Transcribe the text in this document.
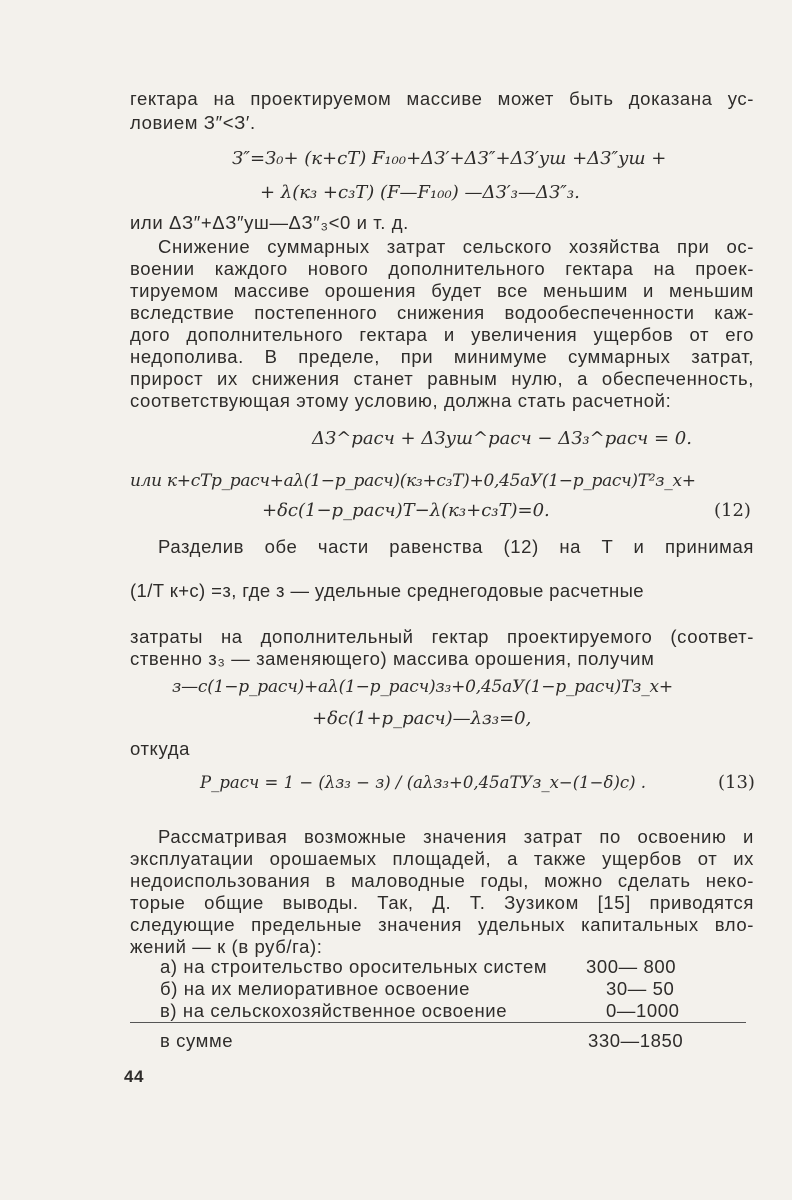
гектара на проектируемом массиве может быть доказана ус-
ловием З″<З′.
З″=З₀+ (к+cT) F₁₀₀+ΔЗ′+ΔЗ″+ΔЗ′уш +ΔЗ″уш +
+ λ(к₃ +c₃T) (F—F₁₀₀) —ΔЗ′₃—ΔЗ″₃.
или ΔЗ″+ΔЗ″уш—ΔЗ″₃<0 и т. д.
Снижение суммарных затрат сельского хозяйства при ос-
воении каждого нового дополнительного гектара на проек-
тируемом массиве орошения будет все меньшим и меньшим
вследствие постепенного снижения водообеспеченности каж-
дого дополнительного гектара и увеличения ущербов от его
недополива. В пределе, при минимуме суммарных затрат,
прирост их снижения станет равным нулю, а обеспеченность,
соответствующая этому условию, должна стать расчетной:
ΔЗ^расч + ΔЗуш^расч − ΔЗ₃^расч = 0.
или к+cTp_расч+aλ(1−p_расч)(к₃+c₃T)+0,45aУ(1−p_расч)T²з_x+
+δc(1−p_расч)T−λ(к₃+c₃T)=0.	(12)
Разделив обе части равенства (12) на T и принимая
(1/T к+c) =з, где з — удельные среднегодовые расчетные
затраты на дополнительный гектар проектируемого (соответ-
ственно з₃ — заменяющего) массива орошения, получим
з—c(1−p_расч)+aλ(1−p_расч)з₃+0,45aУ(1−p_расч)Tз_x+
+δc(1+p_расч)—λз₃=0,
откуда
P_расч = 1 − (λз₃ − з) / (aλз₃+0,45aTУз_x−(1−δ)c) .	(13)
Рассматривая возможные значения затрат по освоению и
эксплуатации орошаемых площадей, а также ущербов от их
недоиспользования в маловодные годы, можно сделать неко-
торые общие выводы. Так, Д. Т. Зузиком [15] приводятся
следующие предельные значения удельных капитальных вло-
жений — к (в руб/га):
а) на строительство оросительных систем 300— 800
б) на их мелиоративное освоение	30— 50
в) на сельскохозяйственное освоение	0—1000
в сумме	330—1850
44
